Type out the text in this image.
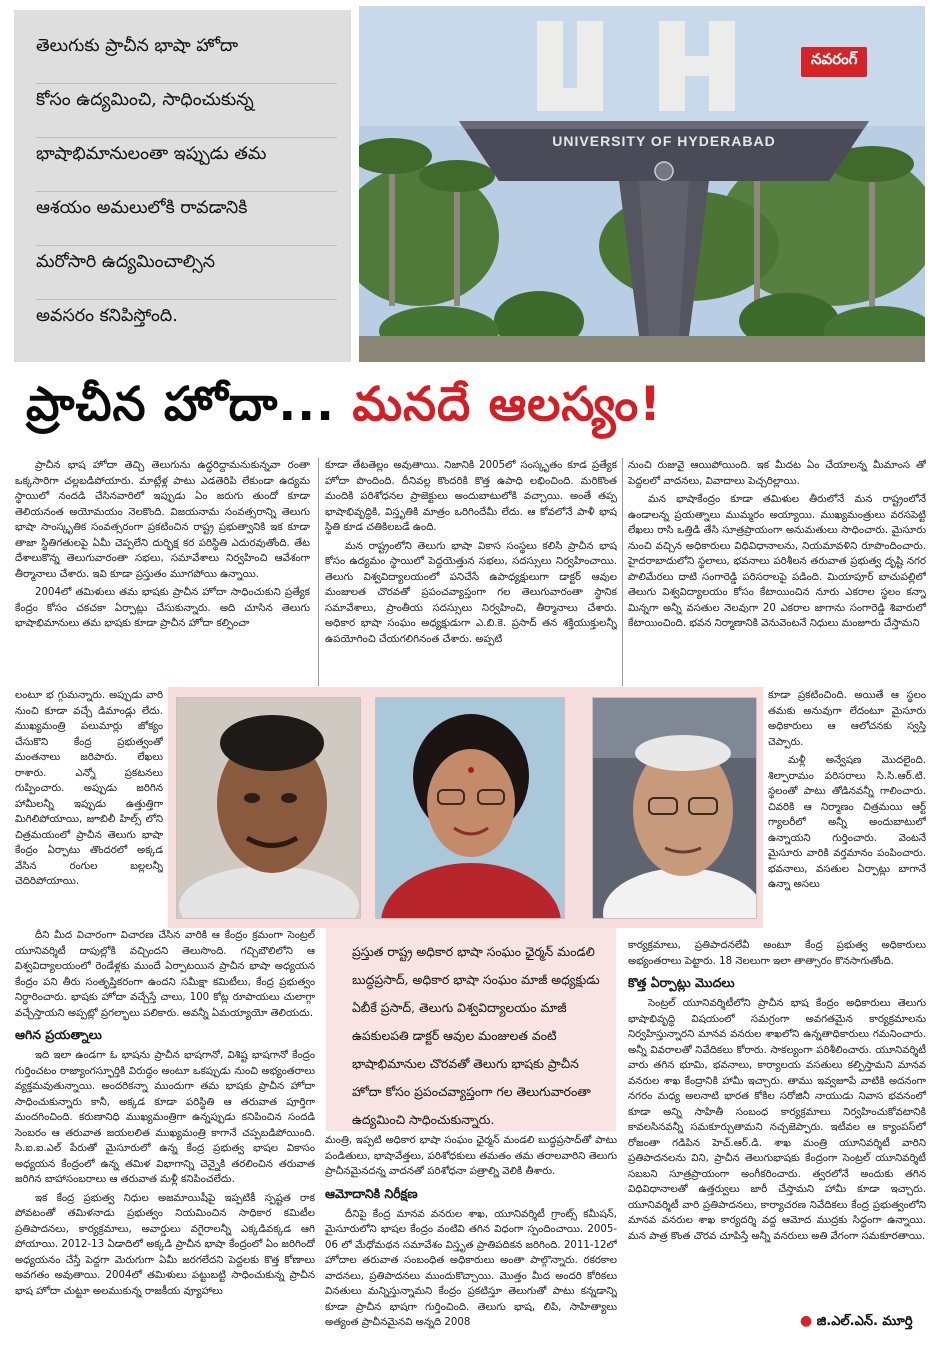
తెలుగుకు ప్రాచీన భాషా హోదా
కోసం ఉద్యమించి, సాధించుకున్న
భాషాభిమానులంతా ఇప్పుడు తమ
ఆశయం అమలులోకి రావడానికి
మరోసారి ఉద్యమించాల్సిన
అవసరం కనిపిస్తోంది.
UNIVERSITY OF HYDERABAD
నవరంగ్
ప్రాచీన హోదా... మనదే ఆలస్యం!

ప్రాచీన భాష హోదా తెచ్చి తెలుగును ఉద్ధరిద్దామనుకున్నవా రంతా ఒక్కసారిగా చల్లబడిపోయారు. మాట్లేళ్ల పాటు ఎడతెరిపి లేకుండా ఉద్యమ స్థాయిలో నందడి చేసినవారిలో ఇప్పుడు ఏం జరుగు తుందో కూడా తెలియనంత అయోమయం నెలకొంది. విజయనామ సంవత్సరాన్ని తెలుగు భాషా సాంస్కృతిక సంవత్సరంగా ప్రకటించిన రాష్ట్ర ప్రభుత్వానికి ఇక కూడా తాజా స్థితిగతులపై ఏమీ చెప్పలేని దుర్భిక్ష కర పరిస్థితి ఎదురవుతోంది. తేట దేశాలుకొన్న తెలుగువారంతా సభలు, సమావేశాలు నిర్వహించి ఆవేశంగా తీర్మానాలు చేశారు. ఇవి కూడా ప్రస్తుతం మూగపోయి ఉన్నాయి.

2004లో తమిళులు తమ భాషకు ప్రాచీన హోదా సాధించుకుని ప్రత్యేక కేంద్రం కోసం చకచకా ఏర్పాట్లు చేసుకున్నారు. అది చూసిన తెలుగు భాషాభిమానులు తమ భాషకు కూడా ప్రాచీన హోదా కల్పించా

లంటూ భ గ్గుమన్నారు. అప్పుడు వారి నుంచి కూడా వచ్చే డిమాండ్లు లేదు. ముఖ్యమంత్రి పలుమార్లు జోక్యం చేసుకొని కేంద్ర ప్రభుత్వంతో మంతనాలు జరిపారు. లేఖలు రాశారు. ఎన్నో ప్రకటనలు గుప్పించారు. అప్పుడు జరిగిన హామీలన్నీ ఇప్పుడు ఉత్తుత్తిగా మిగిలిపోయాయి, జూబిలీ హిల్స్ లోని చిత్రమయంలో ప్రాచీన తెలుగు భాషా కేంద్రం ఏర్పాటు తొందరలో అక్కడ వేసిన రంగుల బల్లలన్నీ చెదిరిపోయాయి.

దీని మీద విచారంగా విచారణ చేసిన వారికి ఆ కేంద్రం క్రమంగా సెంట్రల్ యూనివర్శిటీ దాపుల్లోకి వచ్చిందని తెలుసొంది. గచ్చిబౌలిలోని ఆ విశ్వవిద్యాలయంలో రెండేళ్లకు ముందే ఏర్పాటయిన ప్రాచీన భాషా అధ్యయన కేంద్రం పని తీరు సంతృప్తికరంగా ఉందని సమీక్షా కమిటీలు, కేంద్ర ప్రభుత్వం నిర్ధారించారు. భాషకు హోదా వచ్చేస్తే చాలు, 100 కోట్ల రూపాయలు చులాగ్గా వచ్చేస్తాయని అప్పట్లో ప్రగల్భాలు పలికారు. అవన్నీ ఏమయ్యాయో తెలియదు.

ఆగిన ప్రయత్నాలు

ఇది ఇలా ఉండగా ఓ భాషను ప్రాచీన భాషగానో, విశిష్ట భాషగానో కేంద్రం గుర్తించటం రాజ్యాంగస్ఫూర్తికి విరుద్ధం అంటూ ఒకప్పుడు నుంచి అభ్యంతరాలు వ్యక్తమవుతున్నాయి. అందరికన్నా ముందుగా తమ భాషకు ప్రాచీన హోదా సాధించుకున్నారు కానీ, అక్కడ కూడా పరిస్థితి ఆ తరువాత పూర్తిగా మందగించింది. కరుణానిధి ముఖ్యమంత్రిగా ఉన్నప్పుడు కనిపించిన సందడి సెంబరం ఆ తరువాత జయలలిత ముఖ్యమంత్రి కాగానే చప్పబడిపోయింది. సి.ఐ.ఐ.ఎల్ పేరుతో మైసూరులో ఉన్న కేంద్ర ప్రభుత్వ భాషల వికాసం అధ్యయన కేంద్రంలో ఉన్న తమిళ విభాగాన్ని చెన్నైకి తరలించిన తరువాత జరిగిన బాహాసంబరాలు ఆ తరువాత మళ్లీ కనిపించలేదు.

ఇక కేంద్ర ప్రభుత్వ నిధుల అజమాయిషీపై ఇప్పటికీ స్పష్టత రాక పోవటంతో తమిళనాడు ప్రభుత్వం నియమించిన సాధికార కమిటీల ప్రతిపాదనలు, కార్యక్రమాలు, అవార్డులు వగైరాలన్నీ ఎక్కడివక్కడ ఆగి పోయాయి. 2012-13 ఏడాదిలో అక్కడి ప్రాచీన భాషా కేంద్రంలో ఏం జరిగిందో అధ్యయనం చేస్తే పెద్దగా మెరుగుగా ఏమీ జరగలేదని పెద్దలకు కొత్త కోణాలు అవగతం అవుతాయి. 2004లో తమిళులు పట్టుబట్టి సాధించుకున్న ప్రాచీన భాష హోదా చుట్టూ అలముకున్న రాజకీయ వ్యూహాలు

కూడా తేటతెల్లం అవుతాయి. నిజానికి 2005లో సంస్కృతం కూడ ప్రత్యేక హోదా పొందింది. దీనివల్ల కొందరికి కొత్త ఉపాధి లభించింది. మరికొంత మందికి పరిశోధనల ప్రాజెక్టులు అందుబాటులోకి వచ్చాయి. అంతే తప్ప భాషాభివృద్ధికి, విస్తృతికి మాత్రం ఒరిగిందేమీ లేదు. ఆ కోవలోనే పాళీ భాష స్థితి కూడ చతికిలబడే ఉంది.

మన రాష్ట్రంలోని తెలుగు భాషా వికాస సంస్థలు కలిసి ప్రాచీన భాష కోసం ఉద్యమం స్థాయిలో పెద్దయెత్తున సభలు, సదస్సులు నిర్వహించాయి. తెలుగు విశ్వవిద్యాలయంలో పనిచేసే ఉపాధ్యక్షులుగా డాక్టర్ ఆవుల మంజులత చొరవతో ప్రపంచవ్యాప్తంగా గల తెలుగువారంతా స్థానిక సమావేశాలు, ప్రాంతీయ సదస్సులు నిర్వహించి, తీర్మానాలు చేశారు. అధికార భాషా సంఘం అధ్యక్షుడుగా ఎ.బి.కె. ప్రసాద్ తన శక్తియుక్తులన్నీ ఉపయోగించి చేయగలిగినంత చేశారు. అప్పటి

మంత్రి, ఇప్పటి అధికార భాషా సంఘం ఛైర్మన్ మండలి బుద్ధప్రసాద్‌తో పాటు పండితులు, భాషావేత్తలు, పరిశోధకులు తమతం తమ తరాలవారిని తెలుగు ప్రాచీనమైనదన్న వాదనతో పరిశోధనా పత్రాల్ని వెలికి తీశారు.

ఆమోదానికి నిరీక్షణ

దీనిపై కేంద్ర మానవ వనరుల శాఖ, యూనివర్శిటీ గ్రాంట్స్ కమీషన్, మైసూరులోని భాషల కేంద్రం వంటివి తగిన విధంగా స్పందించాయి. 2005-06 లో మేధోమథన సమావేశం విస్తృత ప్రాతిపదికన జరిగింది. 2011-12లో హోదాల తరువాత సంబంధిత అధికారులు అంతా పాల్గొన్నారు. రకరకాల వాదనలు, ప్రతిపాదనలు ముందుకొచ్చాయి. మొత్తం మీద అందరి కోరికలు వినతులు మన్నిస్తున్నామని కేంద్రం ప్రకటిస్తూ తెలుగుతో పాటు కన్నడాన్ని కూడా ప్రాచీన భాషగా గుర్తించింది. తెలుగు భాష, లిపి, సాహిత్యాలు అత్యంత ప్రాచీనమైనవి అన్నది 2008

నుంచి రుజువై ఆయిపోయింది. ఇక మీదట ఏం చేయాలన్న మీమాంస తో పెద్దలలో వాదనలు, వివాదాలు పెచ్చరిల్లాయి.

మన భాషాకేంద్రం కూడా తమిళుల తీరులోనే మన రాష్ట్రంలోనే ఉండాలన్న ప్రయత్నాలు ముమ్మరం అయ్యాయి. ముఖ్యమంత్రులు వరసపెట్టి లేఖలు రాసి ఒత్తిడి తేసి సూత్రప్రాయంగా అనుమతులు సాధించారు. మైసూరు నుంచి వచ్చిన అధికారులు విధివిధానాలను, నియమావళిని రూపొందించారు. హైదరాబాదులోని స్థలాలు, భవనాలు పరిశీలన తరువాత ప్రభుత్వ దృష్టి నగర పొలిమేరలు దాటి సంగారెడ్డి పరిసరాలపై పడింది. మియాపూర్ బాచుపల్లిలో తెలుగు విశ్వవిద్యాలయం కోసం కేటాయించిన నూరు ఎకరాల స్థలం కన్నా మిన్నగా అన్నీ వసతుల నెలవుగా 20 ఎకరాల జాగాను సంగారెడ్డి శివారులో కేటాయించింది. భవన నిర్మాణానికి వెనువెంటనే నిధులు మంజూరు చేస్తామని

కూడా ప్రకటించింది. అయితే ఆ స్థలం తమకు అనువుగా లేదంటూ మైసూరు అధికారులు ఆ ఆలోచనకు స్వస్తి చెప్పారు.

మళ్లీ అన్వేషణ మొదలైంది. శిల్పారామం పరిసరాలు సి.సి.ఆర్.టి. స్థలంతో పాటు తోడినవన్నీ గాలించారు. చివరికి ఆ నిర్మాణం చిత్రమయి ఆర్ట్ గ్యాలరీలో అన్నీ అందుబాటులో ఉన్నాయని గుర్తించారు. వెంటనే మైసూరు వారికి వర్తమానం పంపించారు. భవనాలు, వసతుల ఏర్పాట్లు బాగానే ఉన్నా అసలు

కార్యక్రమాలు, ప్రతిపాదనలేవీ అంటూ కేంద్ర ప్రభుత్వ అధికారులు అభ్యంతరాలు పెట్టారు. 18 నెలలుగా ఇలా తాత్సారం కొనసాగుతోంది.

కొత్త ఏర్పాట్లు మొదలు

సెంట్రల్ యూనివర్శిటీలోని ప్రాచీన భాష కేంద్రం అధికారులు తెలుగు భాషాభివృద్ధి విషయంలో సమగ్రంగా అవగతమైన కార్యక్రమాలను నిర్వహిస్తున్నారని మానవ వనరుల శాఖలోని ఉన్నతాధికారులు గమనించారు. అన్నీ వివరాలతో నివేదికలు కోరారు. సాకల్యంగా పరిశీలించారు. యూనివర్శిటీ వారు తగిన భూమి, భవనాలు, కార్యాలయ వసతులు కల్పిస్తామని మానవ వనరుల శాఖ కేంద్రానికి హామీ ఇచ్చారు. తాము ఇవ్వజూపే వాటికి అదనంగా నగరం మధ్య అలనాటి భారత కోకిల సరోజినీ నాయుడు నివాస భవనంలో కూడా అన్ని సాహితీ సంబంధ కార్యక్రమాలు నిర్వహించుకోవటానికి కావలసినవన్నీ సమకూర్చుతామని నచ్చజెప్పారు. ఇటీవల ఆ క్యాంపస్‌లో రోజంతా గడిపిన హెచ్.ఆర్.డి. శాఖ మంత్రి యూనివర్శిటీ వారిని ప్రతిపాదనలను విని, ప్రాచీన తెలుగుభాషకు కేంద్రంగా సెంట్రల్ యూనివర్శిటీ సబబని సూత్రప్రాయంగా అంగీకరించారు. త్వరలోనే అందుకు తగిన విధివిధానాలతో ఉత్తర్వులు జారీ చేస్తామని హామీ కూడా ఇచ్చారు. యూనివర్శిటీ వారి ప్రతిపాదనలు, కార్యాచరణ నివేదికలు కేంద్ర ప్రభుత్వంలోని మానవ వనరుల శాఖ కార్యదర్శి వద్ద ఆమోద ముద్రకు సిద్ధంగా ఉన్నాయి. మన పాత్ర కొంత చొరవ చూపిస్తే అన్నీ వనరులు అతి వేగంగా సమకూరతాయి.

ప్రస్తుత రాష్ట్ర అధికార భాషా సంఘం ఛైర్మన్ మండలి బుద్ధప్రసాద్, అధికార భాషా సంఘం మాజీ అధ్యక్షుడు ఏబీకే ప్రసాద్, తెలుగు విశ్వవిద్యాలయం మాజీ ఉపకులపతి డాక్టర్ ఆవుల మంజులత వంటి భాషాభిమానుల చొరవతో తెలుగు భాషకు ప్రాచీన హోదా కోసం ప్రపంచవ్యాప్తంగా గల తెలుగువారంతా ఉద్యమించి సాధించుకున్నారు.
● జి.ఎల్.ఎన్. మూర్తి
